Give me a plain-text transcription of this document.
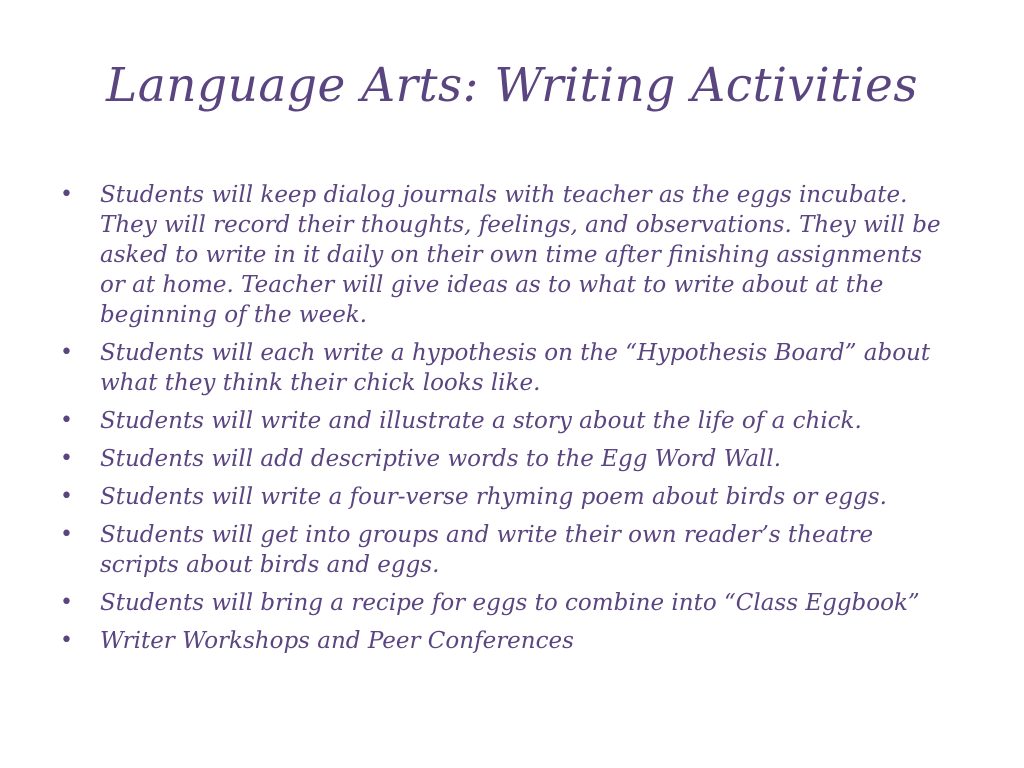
Language Arts: Writing Activities
• Students will keep dialog journals with teacher as the eggs incubate. They will record their thoughts, feelings, and observations. They will be asked to write in it daily on their own time after finishing assignments or at home. Teacher will give ideas as to what to write about at the beginning of the week.
• Students will each write a hypothesis on the “Hypothesis Board” about what they think their chick looks like.
• Students will write and illustrate a story about the life of a chick.
• Students will add descriptive words to the Egg Word Wall.
• Students will write a four-verse rhyming poem about birds or eggs.
• Students will get into groups and write their own reader’s theatre scripts about birds and eggs.
• Students will bring a recipe for eggs to combine into “Class Eggbook”
• Writer Workshops and Peer Conferences
